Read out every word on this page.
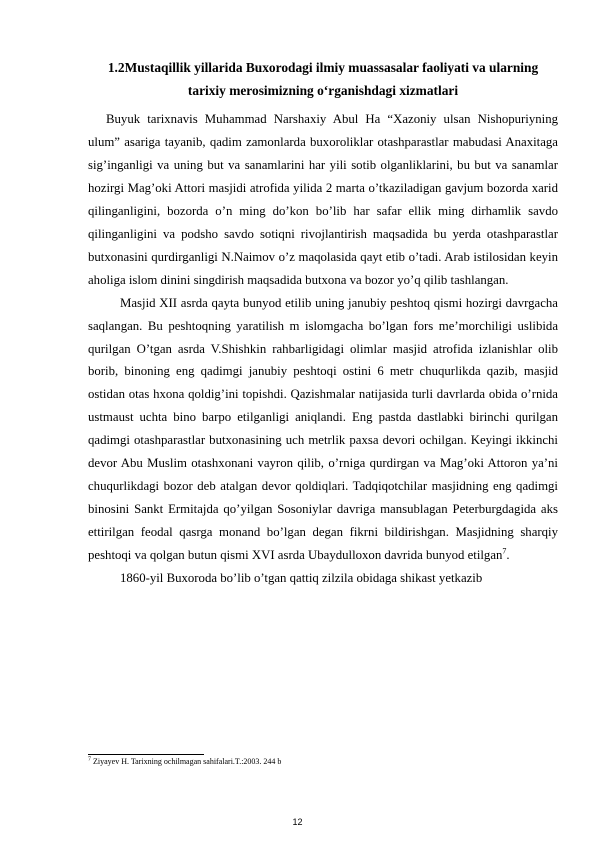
1.2Mustaqillik yillarida Buxorodagi ilmiy muassasalar faoliyati va ularning
tarixiy merosimizning o‘rganishdagi xizmatlari

Buyuk tarixnavis Muhammad Narshaxiy Abul Ha “Xazoniy ulsan Nishopuriyning ulum” asariga tayanib, qadim zamonlarda buxoroliklar otashparastlar mabudasi Anaxitaga sig’inganligi va uning but va sanamlarini har yili sotib olganliklarini, bu but va sanamlar hozirgi Mag’oki Attori masjidi atrofida yilida 2 marta o’tkaziladigan gavjum bozorda xarid qilinganligini, bozorda o’n ming do’kon bo’lib har safar ellik ming dirhamlik savdo qilinganligini va podsho savdo sotiqni rivojlantirish maqsadida bu yerda otashparastlar butxonasini qurdirganligi N.Naimov o’z maqolasida qayt etib o’tadi. Arab istilosidan keyin aholiga islom dinini singdirish maqsadida butxona va bozor yo’q qilib tashlangan.

Masjid XII asrda qayta bunyod etilib uning janubiy peshtoq qismi hozirgi davrgacha saqlangan. Bu peshtoqning yaratilish m islomgacha bo’lgan fors me’morchiligi uslibida qurilgan O’tgan asrda V.Shishkin rahbarligidagi olimlar masjid atrofida izlanishlar olib borib, binoning eng qadimgi janubiy peshtoqi ostini 6 metr chuqurlikda qazib, masjid ostidan otas hxona qoldig’ini topishdi. Qazishmalar natijasida turli davrlarda obida o’rnida ustmaust uchta bino barpo etilganligi aniqlandi. Eng pastda dastlabki birinchi qurilgan qadimgi otashparastlar butxonasining uch metrlik paxsa devori ochilgan. Keyingi ikkinchi devor Abu Muslim otashxonani vayron qilib, o’rniga qurdirgan va Mag’oki Attoron ya’ni chuqurlikdagi bozor deb atalgan devor qoldiqlari. Tadqiqotchilar masjidning eng qadimgi binosini Sankt Ermitajda qo’yilgan Sosoniylar davriga mansublagan Peterburgdagida aks ettirilgan feodal qasrga monand bo’lgan degan fikrni bildirishgan. Masjidning sharqiy peshtoqi va qolgan butun qismi XVI asrda Ubaydulloxon davrida bunyod etilgan$^7$.

1860-yil Buxoroda bo’lib o’tgan qattiq zilzila obidaga shikast yetkazib

$^7$ Ziyayev H. Tarixning ochilmagan sahifalari.T.:2003. 244 b
12
